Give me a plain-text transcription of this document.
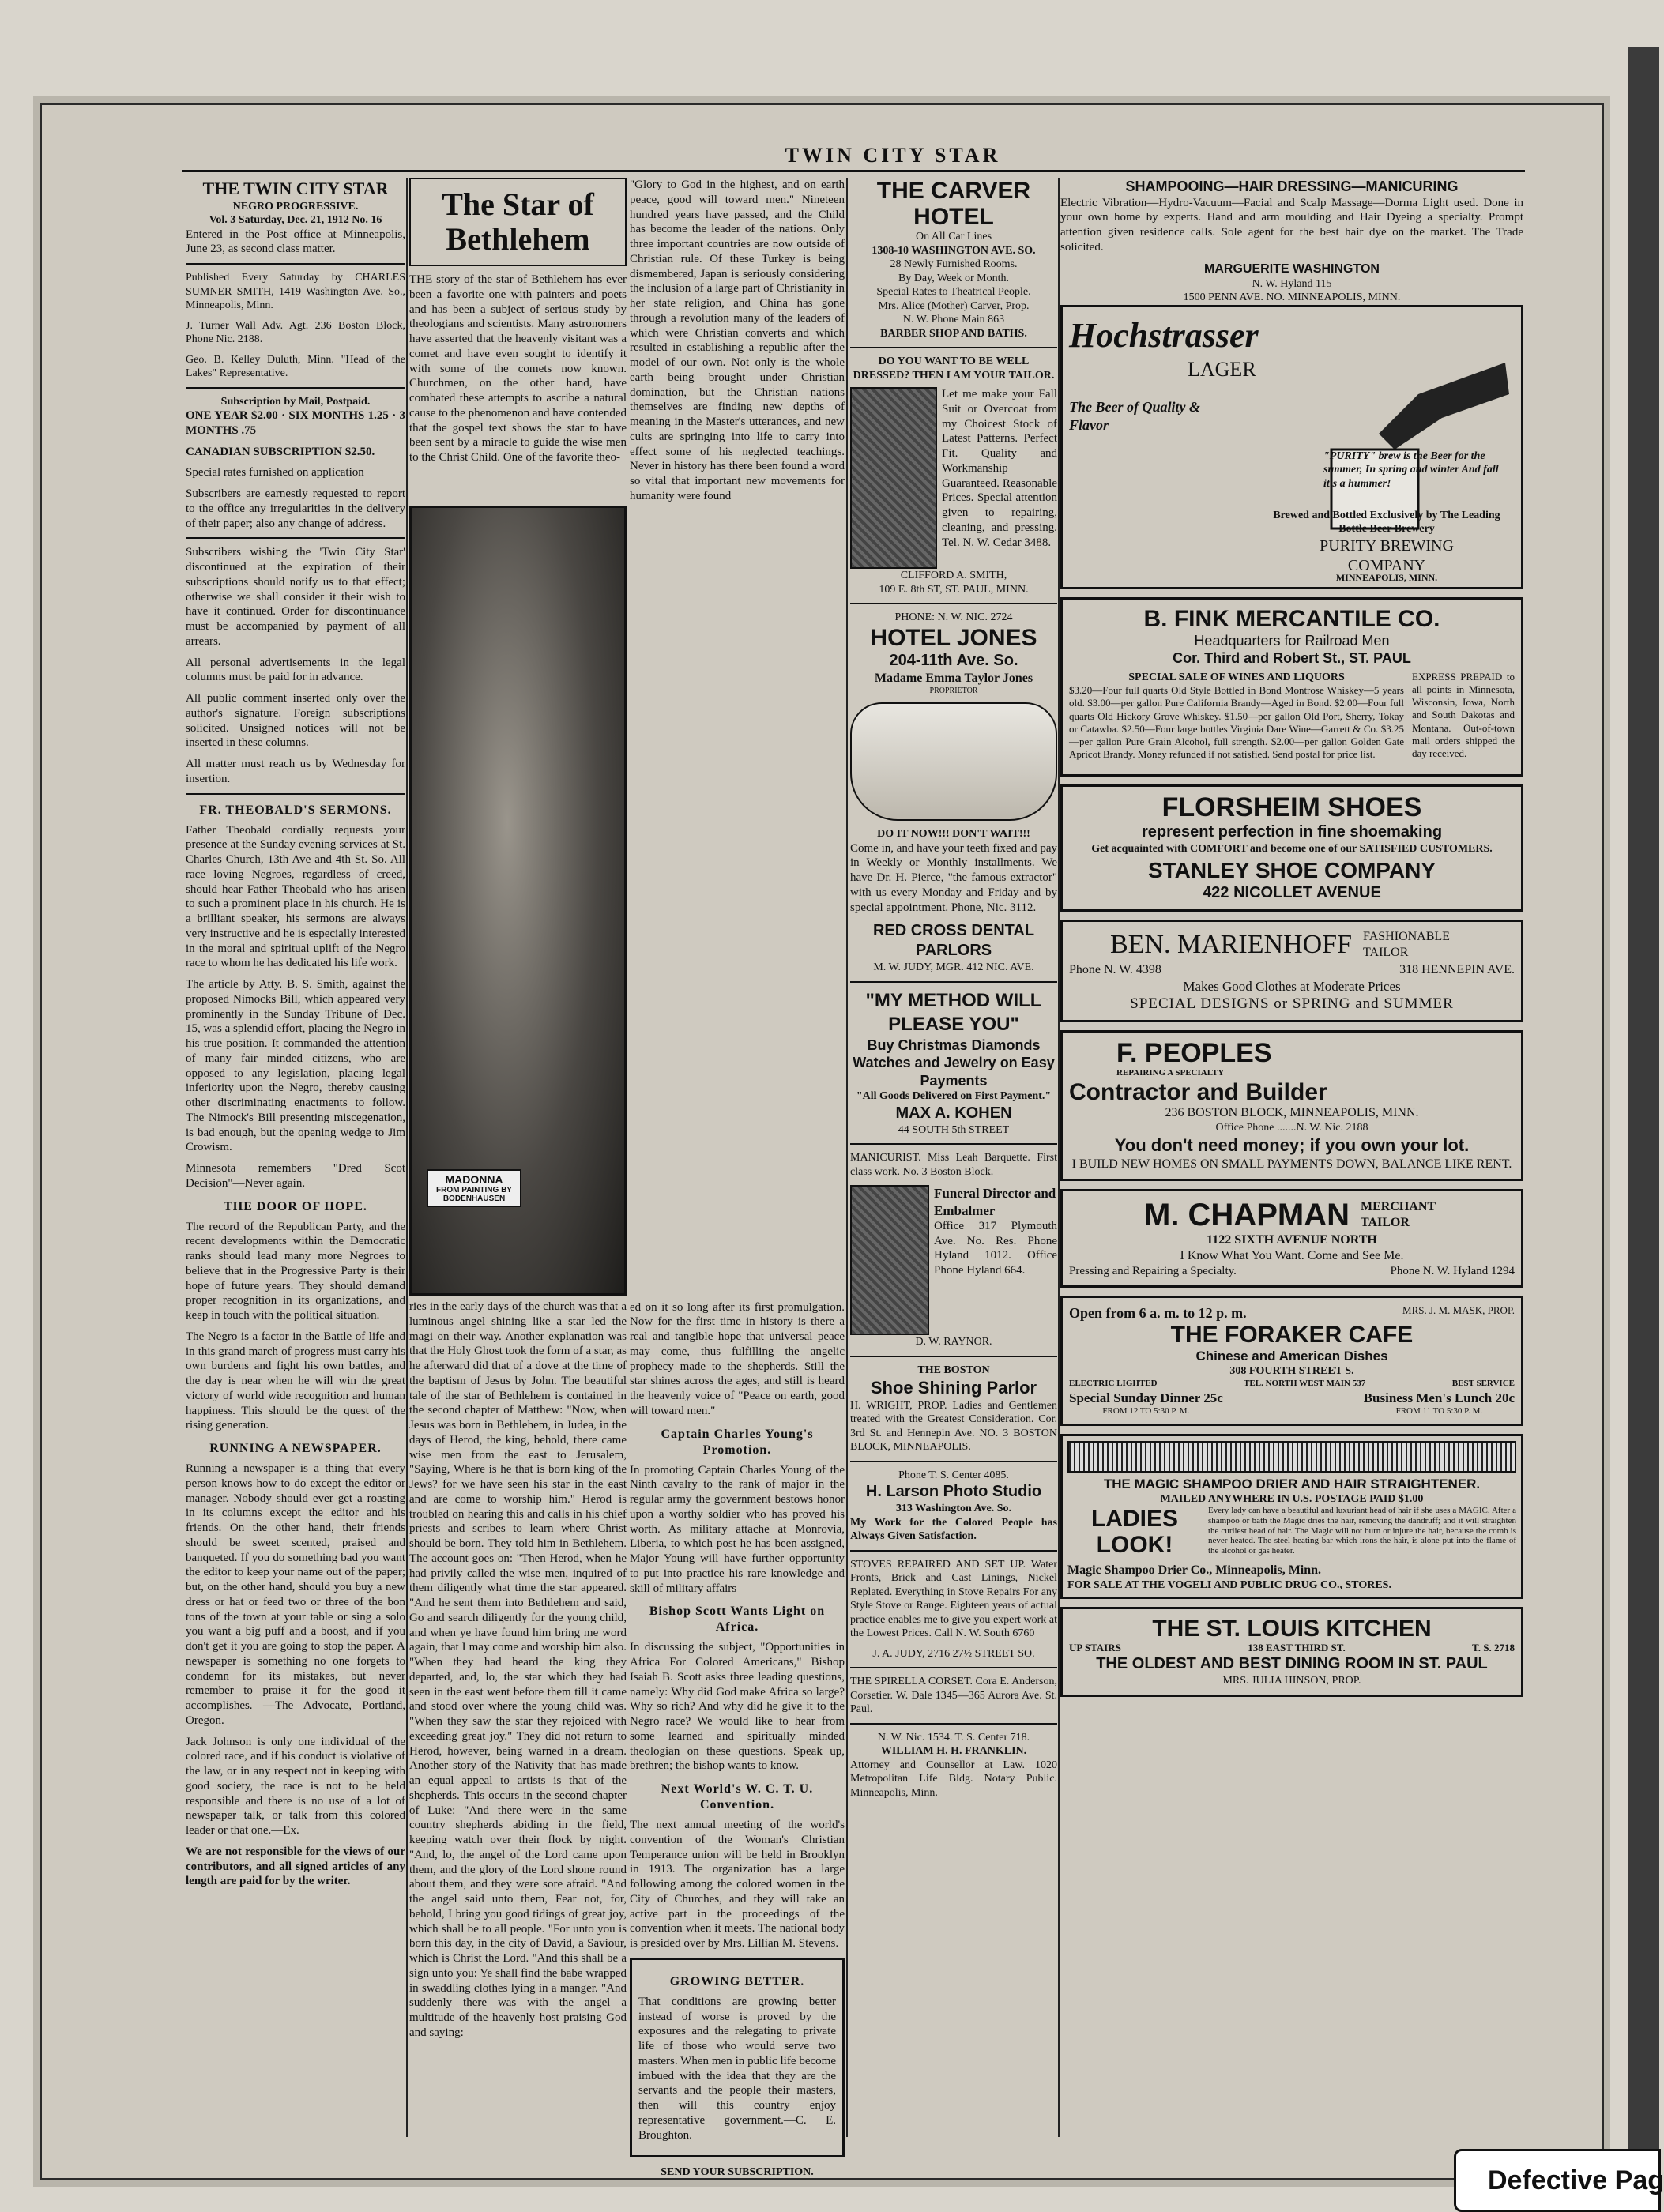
TWIN CITY STAR
THE TWIN CITY STAR
NEGRO PROGRESSIVE.
Vol. 3 Saturday, Dec. 21, 1912 No. 16

Entered in the Post office at Minneapolis, June 23, as second class matter.

Published Every Saturday by CHARLES SUMNER SMITH, 1419 Washington Ave. So., Minneapolis, Minn.

J. Turner Wall Adv. Agt. 236 Boston Block, Phone Nic. 2188.

Geo. B. Kelley Duluth, Minn. "Head of the Lakes" Representative.

Subscription by Mail, Postpaid.

ONE YEAR $2.00 · SIX MONTHS 1.25 · 3 MONTHS .75

CANADIAN SUBSCRIPTION $2.50.

Special rates furnished on application

Subscribers are earnestly requested to report to the office any irregularities in the delivery of their paper; also any change of address.

Subscribers wishing the 'Twin City Star' discontinued at the expiration of their subscriptions should notify us to that effect; otherwise we shall consider it their wish to have it continued. Order for discontinuance must be accompanied by payment of all arrears.

All personal advertisements in the legal columns must be paid for in advance.

All public comment inserted only over the author's signature. Foreign subscriptions solicited. Unsigned notices will not be inserted in these columns.

All matter must reach us by Wednesday for insertion.

FR. THEOBALD'S SERMONS.

Father Theobald cordially requests your presence at the Sunday evening services at St. Charles Church, 13th Ave and 4th St. So. All race loving Negroes, regardless of creed, should hear Father Theobald who has arisen to such a prominent place in his church. He is a brilliant speaker, his sermons are always very instructive and he is especially interested in the moral and spiritual uplift of the Negro race to whom he has dedicated his life work.

The article by Atty. B. S. Smith, against the proposed Nimocks Bill, which appeared very prominently in the Sunday Tribune of Dec. 15, was a splendid effort, placing the Negro in his true position. It commanded the attention of many fair minded citizens, who are opposed to any legislation, placing legal inferiority upon the Negro, thereby causing other discriminating enactments to follow. The Nimock's Bill presenting miscegenation, is bad enough, but the opening wedge to Jim Crowism.

Minnesota remembers "Dred Scot Decision"—Never again.

THE DOOR OF HOPE.

The record of the Republican Party, and the recent developments within the Democratic ranks should lead many more Negroes to believe that in the Progressive Party is their hope of future years. They should demand proper recognition in its organizations, and keep in touch with the political situation.

The Negro is a factor in the Battle of life and in this grand march of progress must carry his own burdens and fight his own battles, and the day is near when he will win the great victory of world wide recognition and human happiness. This should be the quest of the rising generation.

RUNNING A NEWSPAPER.

Running a newspaper is a thing that every person knows how to do except the editor or manager. Nobody should ever get a roasting in its columns except the editor and his friends. On the other hand, their friends should be sweet scented, praised and banqueted. If you do something bad you want the editor to keep your name out of the paper; but, on the other hand, should you buy a new dress or hat or feed two or three of the bon tons of the town at your table or sing a solo you want a big puff and a boost, and if you don't get it you are going to stop the paper. A newspaper is something no one forgets to condemn for its mistakes, but never remember to praise it for the good it accomplishes. —The Advocate, Portland, Oregon.

Jack Johnson is only one individual of the colored race, and if his conduct is violative of the law, or in any respect not in keeping with good society, the race is not to be held responsible and there is no use of a lot of newspaper talk, or talk from this colored leader or that one.—Ex.

We are not responsible for the views of our contributors, and all signed articles of any length are paid for by the writer.

The Star of Bethlehem

THE story of the star of Bethlehem has ever been a favorite one with painters and poets and has been a subject of serious study by theologians and scientists. Many astronomers have asserted that the heavenly visitant was a comet and have even sought to identify it with some of the comets now known. Churchmen, on the other hand, have combated these attempts to ascribe a natural cause to the phenomenon and have contended that the gospel text shows the star to have been sent by a miracle to guide the wise men to the Christ Child. One of the favorite theo-

MADONNA
FROM PAINTING BY BODENHAUSEN

ries in the early days of the church was that a luminous angel shining like a star led the magi on their way. Another explanation was that the Holy Ghost took the form of a star, as he afterward did that of a dove at the time of the baptism of Jesus by John. The beautiful tale of the star of Bethlehem is contained in the second chapter of Matthew: "Now, when Jesus was born in Bethlehem, in Judea, in the days of Herod, the king, behold, there came wise men from the east to Jerusalem, "Saying, Where is he that is born king of the Jews? for we have seen his star in the east and are come to worship him." Herod is troubled on hearing this and calls in his chief priests and scribes to learn where Christ should be born. They told him in Bethlehem. The account goes on: "Then Herod, when he had privily called the wise men, inquired of them diligently what time the star appeared. "And he sent them into Bethlehem and said, Go and search diligently for the young child, and when ye have found him bring me word again, that I may come and worship him also. "When they had heard the king they departed, and, lo, the star which they had seen in the east went before them till it came and stood over where the young child was. "When they saw the star they rejoiced with exceeding great joy." They did not return to Herod, however, being warned in a dream. Another story of the Nativity that has made an equal appeal to artists is that of the shepherds. This occurs in the second chapter of Luke: "And there were in the same country shepherds abiding in the field, keeping watch over their flock by night. "And, lo, the angel of the Lord came upon them, and the glory of the Lord shone round about them, and they were sore afraid. "And the angel said unto them, Fear not, for, behold, I bring you good tidings of great joy, which shall be to all people. "For unto you is born this day, in the city of David, a Saviour, which is Christ the Lord. "And this shall be a sign unto you: Ye shall find the babe wrapped in swaddling clothes lying in a manger. "And suddenly there was with the angel a multitude of the heavenly host praising God and saying:

"Glory to God in the highest, and on earth peace, good will toward men." Nineteen hundred years have passed, and the Child has become the leader of the nations. Only three important countries are now outside of Christian rule. Of these Turkey is being dismembered, Japan is seriously considering the inclusion of a large part of Christianity in her state religion, and China has gone through a revolution many of the leaders of which were Christian converts and which resulted in establishing a republic after the model of our own. Not only is the whole earth being brought under Christian domination, but the Christian nations themselves are finding new depths of meaning in the Master's utterances, and new cults are springing into life to carry into effect some of his neglected teachings. Never in history has there been found a word so vital that important new movements for humanity were found

ed on it so long after its first promulgation. Now for the first time in history is there a real and tangible hope that universal peace may come, thus fulfilling the angelic prophecy made to the shepherds. Still the star shines across the ages, and still is heard the heavenly voice of "Peace on earth, good will toward men."

Captain Charles Young's Promotion.

In promoting Captain Charles Young of the Ninth cavalry to the rank of major in the regular army the government bestows honor upon a worthy soldier who has proved his worth. As military attache at Monrovia, Liberia, to which post he has been assigned, Major Young will have further opportunity to put into practice his rare knowledge and skill of military affairs

Bishop Scott Wants Light on Africa.

In discussing the subject, "Opportunities in Africa For Colored Americans," Bishop Isaiah B. Scott asks three leading questions, namely: Why did God make Africa so large? Why so rich? And why did he give it to the Negro race? We would like to hear from some learned and spiritually minded theologian on these questions. Speak up, brethren; the bishop wants to know.

Next World's W. C. T. U. Convention.

The next annual meeting of the world's convention of the Woman's Christian Temperance union will be held in Brooklyn in 1913. The organization has a large following among the colored women in the City of Churches, and they will take an active part in the proceedings of the convention when it meets. The national body is presided over by Mrs. Lillian M. Stevens.

GROWING BETTER.

That conditions are growing better instead of worse is proved by the exposures and the relegating to private life of those who would serve two masters. When men in public life become imbued with the idea that they are the servants and the people their masters, then will this country enjoy representative government.—C. E. Broughton.

SEND YOUR SUBSCRIPTION.
THE CARVER HOTEL
On All Car Lines
1308-10 WASHINGTON AVE. SO.
28 Newly Furnished Rooms.
By Day, Week or Month.
Special Rates to Theatrical People.
Mrs. Alice (Mother) Carver, Prop.
N. W. Phone Main 863
BARBER SHOP AND BATHS.
DO YOU WANT TO BE WELL DRESSED? THEN I AM YOUR TAILOR.

Let me make your Fall Suit or Overcoat from my Choicest Stock of Latest Patterns. Perfect Fit. Quality and Workmanship Guaranteed. Reasonable Prices. Special attention given to repairing, cleaning, and pressing. Tel. N. W. Cedar 3488.

CLIFFORD A. SMITH,
109 E. 8th ST, ST. PAUL, MINN.
PHONE: N. W. NIC. 2724
HOTEL JONES
204-11th Ave. So.
Madame Emma Taylor Jones
PROPRIETOR
DO IT NOW!!! DON'T WAIT!!!

Come in, and have your teeth fixed and pay in Weekly or Monthly installments. We have Dr. H. Pierce, "the famous extractor" with us every Monday and Friday and by special appointment. Phone, Nic. 3112.

RED CROSS DENTAL PARLORS
M. W. JUDY, MGR. 412 NIC. AVE.
"MY METHOD WILL PLEASE YOU"
Buy Christmas Diamonds Watches and Jewelry on Easy Payments
"All Goods Delivered on First Payment."
MAX A. KOHEN
44 SOUTH 5th STREET

MANICURIST. Miss Leah Barquette. First class work. No. 3 Boston Block.

Funeral Director and Embalmer

Office 317 Plymouth Ave. No. Res. Phone Hyland 1012. Office Phone Hyland 664.

D. W. RAYNOR.
THE BOSTON
Shoe Shining Parlor

H. WRIGHT, PROP. Ladies and Gentlemen treated with the Greatest Consideration. Cor. 3rd St. and Hennepin Ave. NO. 3 BOSTON BLOCK, MINNEAPOLIS.

Phone T. S. Center 4085.
H. Larson Photo Studio
313 Washington Ave. So.

My Work for the Colored People has Always Given Satisfaction.

STOVES REPAIRED AND SET UP. Water Fronts, Brick and Cast Linings, Nickel Replated. Everything in Stove Repairs For any Style Stove or Range. Eighteen years of actual practice enables me to give you expert work at the Lowest Prices. Call N. W. South 6760

J. A. JUDY, 2716 27½ STREET SO.

THE SPIRELLA CORSET. Cora E. Anderson, Corsetier. W. Dale 1345—365 Aurora Ave. St. Paul.

N. W. Nic. 1534. T. S. Center 718.
WILLIAM H. H. FRANKLIN.

Attorney and Counsellor at Law. 1020 Metropolitan Life Bldg. Notary Public. Minneapolis, Minn.

SHAMPOOING—HAIR DRESSING—MANICURING

Electric Vibration—Hydro-Vacuum—Facial and Scalp Massage—Dorma Light used. Done in your own home by experts. Hand and arm moulding and Hair Dyeing a specialty. Prompt attention given residence calls. Sole agent for the best hair dye on the market. The Trade solicited.

MARGUERITE WASHINGTON
N. W. Hyland 115
1500 PENN AVE. NO. MINNEAPOLIS, MINN.
Hochstrasser
LAGER
The Beer of Quality & Flavor
"PURITY" brew is the Beer for the summer, In spring and winter And fall it's a hummer!
Brewed and Bottled Exclusively by The Leading Bottle Beer Brewery
PURITY BREWING COMPANY
MINNEAPOLIS, MINN.
B. FINK MERCANTILE CO.
Headquarters for Railroad Men
Cor. Third and Robert St., ST. PAUL
SPECIAL SALE OF WINES AND LIQUORS

$3.20—Four full quarts Old Style Bottled in Bond Montrose Whiskey—5 years old. $3.00—per gallon Pure California Brandy—Aged in Bond. $2.00—Four full quarts Old Hickory Grove Whiskey. $1.50—per gallon Old Port, Sherry, Tokay or Catawba. $2.50—Four large bottles Virginia Dare Wine—Garrett & Co. $3.25—per gallon Pure Grain Alcohol, full strength. $2.00—per gallon Golden Gate Apricot Brandy. Money refunded if not satisfied. Send postal for price list.

EXPRESS PREPAID to all points in Minnesota, Wisconsin, Iowa, North and South Dakotas and Montana. Out-of-town mail orders shipped the day received.

FLORSHEIM SHOES
represent perfection in fine shoemaking
Get acquainted with COMFORT and become one of our SATISFIED CUSTOMERS.
STANLEY SHOE COMPANY
422 NICOLLET AVENUE
BEN. MARIENHOFF FASHIONABLE TAILOR
Phone N. W. 4398	318 HENNEPIN AVE.
Makes Good Clothes at Moderate Prices
SPECIAL DESIGNS or SPRING and SUMMER
F. PEOPLES
REPAIRING A SPECIALTY
Contractor and Builder
236 BOSTON BLOCK, MINNEAPOLIS, MINN.
Office Phone .......N. W. Nic. 2188
You don't need money; if you own your lot.
I BUILD NEW HOMES ON SMALL PAYMENTS DOWN, BALANCE LIKE RENT.
M. CHAPMAN MERCHANT TAILOR
1122 SIXTH AVENUE NORTH
I Know What You Want. Come and See Me.
Pressing and Repairing a Specialty.	Phone N. W. Hyland 1294
Open from 6 a. m. to 12 p. m.	MRS. J. M. MASK, PROP.
THE FORAKER CAFE
Chinese and American Dishes
308 FOURTH STREET S.
ELECTRIC LIGHTED	TEL. NORTH WEST MAIN 537	BEST SERVICE
Special Sunday Dinner 25c
FROM 12 TO 5:30 P. M.
Business Men's Lunch 20c
FROM 11 TO 5:30 P. M.
THE MAGIC SHAMPOO DRIER AND HAIR STRAIGHTENER.
MAILED ANYWHERE IN U.S. POSTAGE PAID $1.00
LADIES LOOK!

Every lady can have a beautiful and luxuriant head of hair if she uses a MAGIC. After a shampoo or bath the Magic dries the hair, removing the dandruff; and it will straighten the curliest head of hair. The Magic will not burn or injure the hair, because the comb is never heated. The steel heating bar which irons the hair, is alone put into the flame of the alcohol or gas heater.

Magic Shampoo Drier Co., Minneapolis, Minn.
FOR SALE AT THE VOGELI AND PUBLIC DRUG CO., STORES.
THE ST. LOUIS KITCHEN
UP STAIRS	138 EAST THIRD ST.	T. S. 2718
THE OLDEST AND BEST DINING ROOM IN ST. PAUL
MRS. JULIA HINSON, PROP.
Defective Pag
